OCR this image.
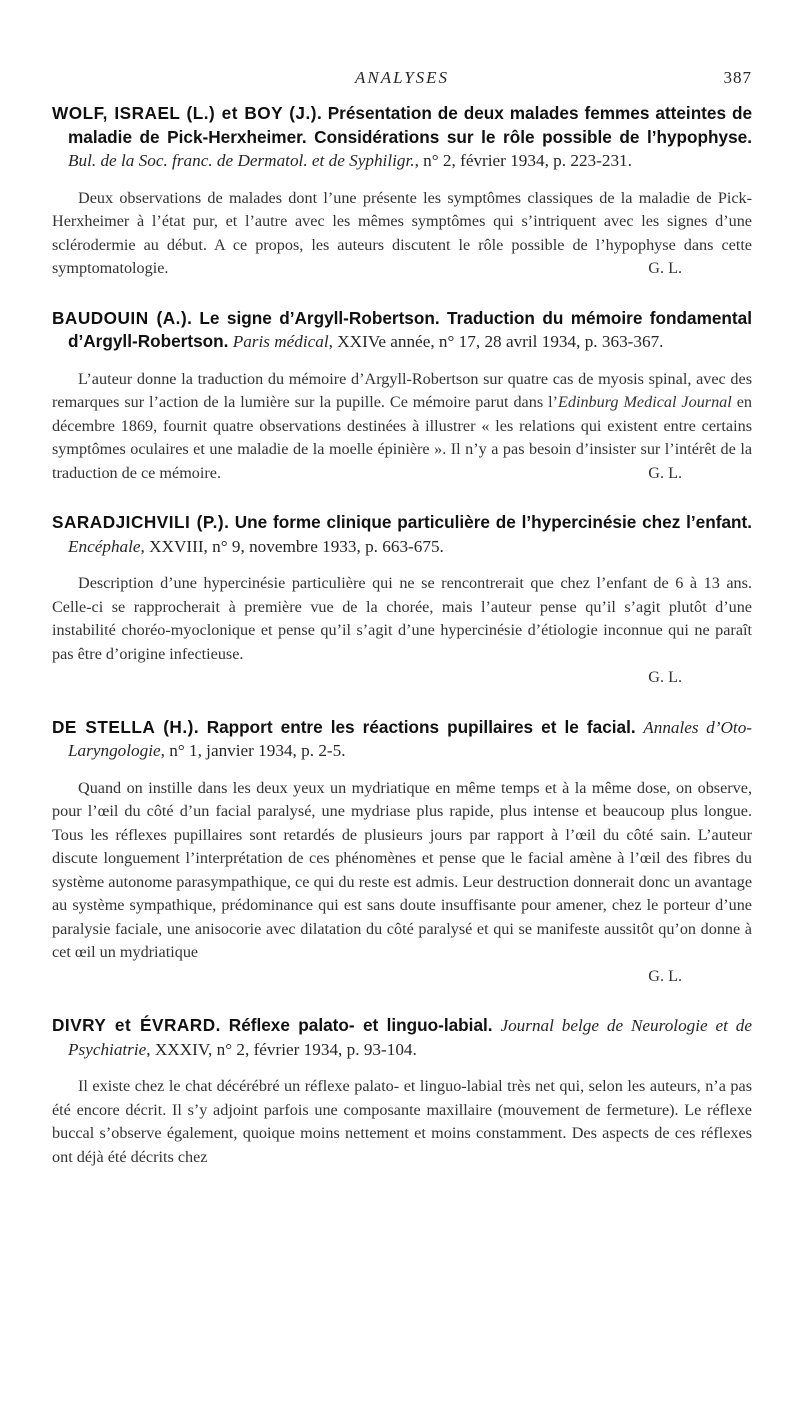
ANALYSES	387
WOLF, ISRAEL (L.) et BOY (J.). Présentation de deux malades femmes atteintes de maladie de Pick-Herxheimer. Considérations sur le rôle possible de l’hypophyse. Bul. de la Soc. franc. de Dermatol. et de Syphiligr., n° 2, février 1934, p. 223-231.
Deux observations de malades dont l’une présente les symptômes classiques de la maladie de Pick-Herxheimer à l’état pur, et l’autre avec les mêmes symptômes qui s’intriquent avec les signes d’une sclérodermie au début. A ce propos, les auteurs discutent le rôle possible de l’hypophyse dans cette symptomatologie.	G. L.
BAUDOUIN (A.). Le signe d’Argyll-Robertson. Traduction du mémoire fondamental d’Argyll-Robertson. Paris médical, XXIVe année, n° 17, 28 avril 1934, p. 363-367.
L’auteur donne la traduction du mémoire d’Argyll-Robertson sur quatre cas de myosis spinal, avec des remarques sur l’action de la lumière sur la pupille. Ce mémoire parut dans l’Edinburg Medical Journal en décembre 1869, fournit quatre observations destinées à illustrer « les relations qui existent entre certains symptômes oculaires et une maladie de la moelle épinière ». Il n’y a pas besoin d’insister sur l’intérêt de la traduction de ce mémoire.	G. L.
SARADJICHVILI (P.). Une forme clinique particulière de l’hypercinésie chez l’enfant. Encéphale, XXVIII, n° 9, novembre 1933, p. 663-675.
Description d’une hypercinésie particulière qui ne se rencontrerait que chez l’enfant de 6 à 13 ans. Celle-ci se rapprocherait à première vue de la chorée, mais l’auteur pense qu’il s’agit plutôt d’une instabilité choréo-myoclonique et pense qu’il s’agit d’une hypercinésie d’étiologie inconnue qui ne paraît pas être d’origine infectieuse.
G. L.
DE STELLA (H.). Rapport entre les réactions pupillaires et le facial. Annales d’Oto-Laryngologie, n° 1, janvier 1934, p. 2-5.
Quand on instille dans les deux yeux un mydriatique en même temps et à la même dose, on observe, pour l’œil du côté d’un facial paralysé, une mydriase plus rapide, plus intense et beaucoup plus longue. Tous les réflexes pupillaires sont retardés de plusieurs jours par rapport à l’œil du côté sain. L’auteur discute longuement l’interprétation de ces phénomènes et pense que le facial amène à l’œil des fibres du système autonome parasympathique, ce qui du reste est admis. Leur destruction donnerait donc un avantage au système sympathique, prédominance qui est sans doute insuffisante pour amener, chez le porteur d’une paralysie faciale, une anisocorie avec dilatation du côté paralysé et qui se manifeste aussitôt qu’on donne à cet œil un mydriatique
G. L.
DIVRY et ÉVRARD. Réflexe palato- et linguo-labial. Journal belge de Neurologie et de Psychiatrie, XXXIV, n° 2, février 1934, p. 93-104.
Il existe chez le chat décérébré un réflexe palato- et linguo-labial très net qui, selon les auteurs, n’a pas été encore décrit. Il s’y adjoint parfois une composante maxillaire (mouvement de fermeture). Le réflexe buccal s’observe également, quoique moins nettement et moins constamment. Des aspects de ces réflexes ont déjà été décrits chez
